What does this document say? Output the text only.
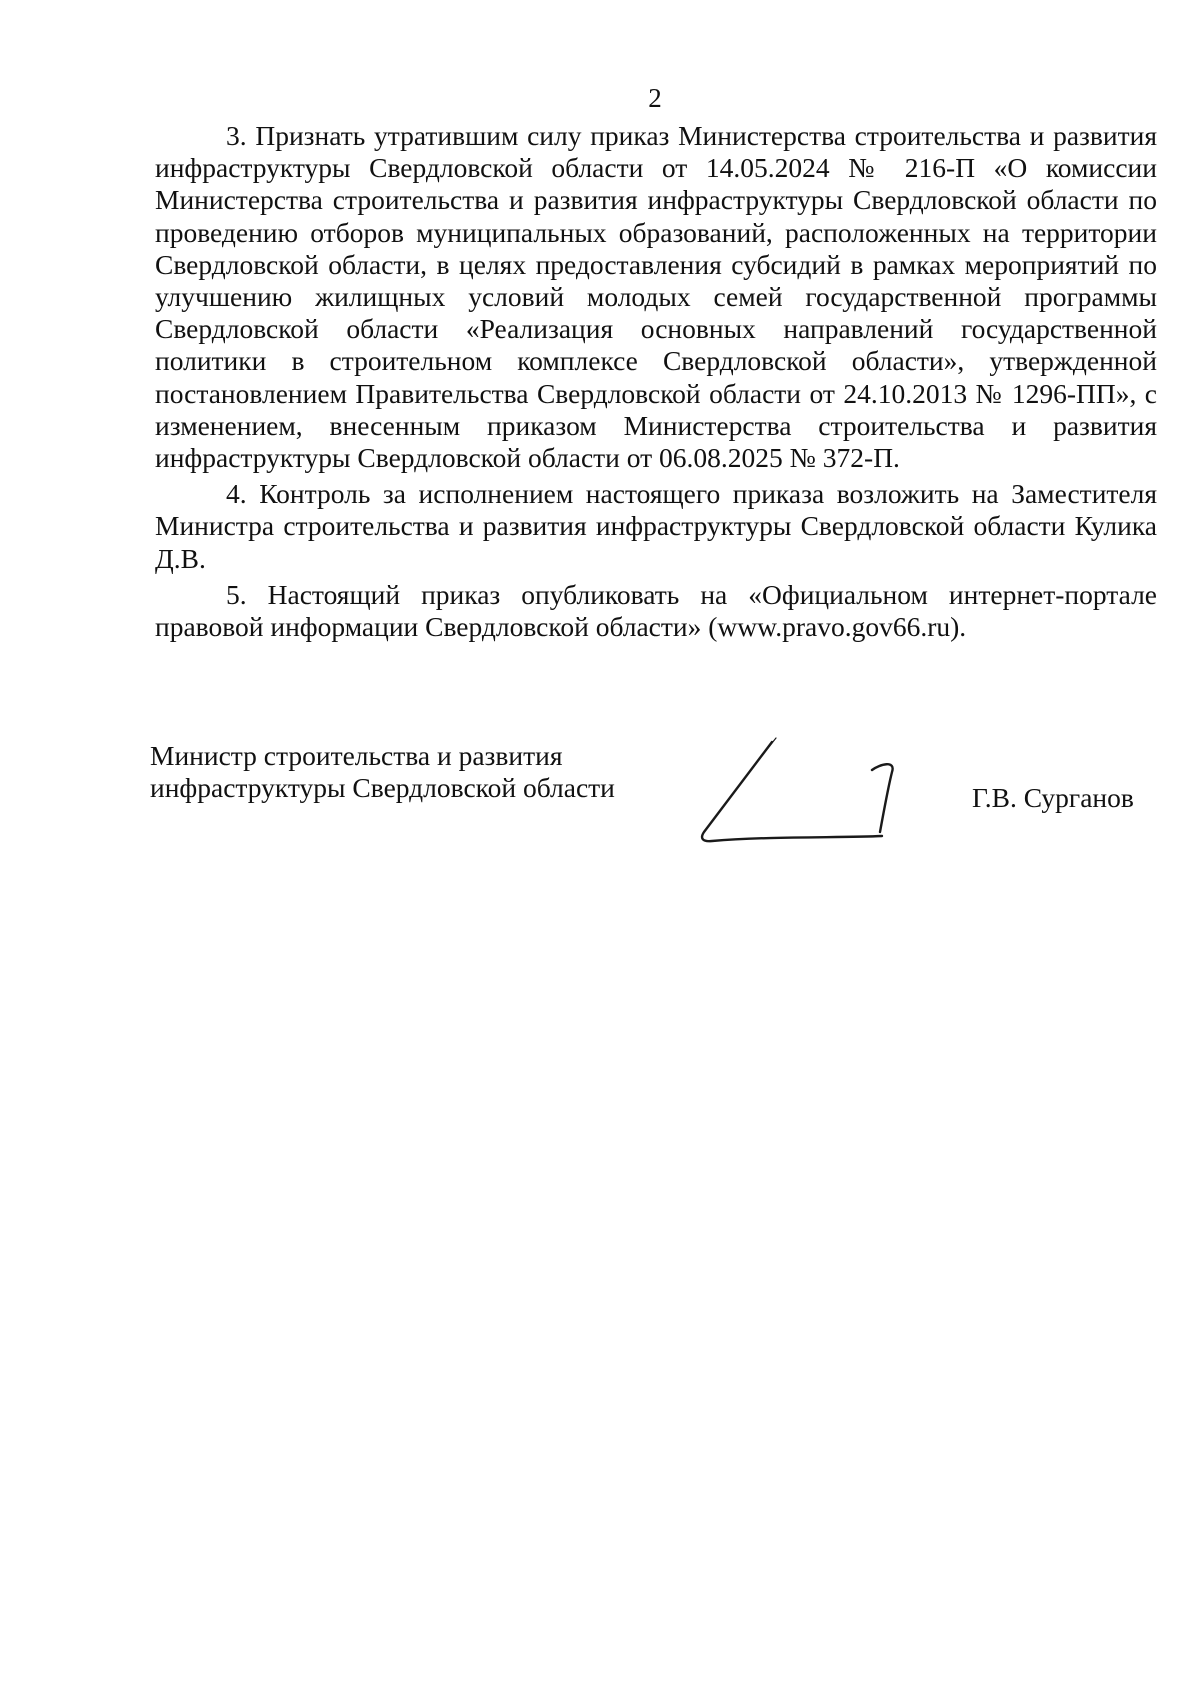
2

3. Признать утратившим силу приказ Министерства строительства и развития инфраструктуры Свердловской области от 14.05.2024 № 216-П «О комиссии Министерства строительства и развития инфраструктуры Свердловской области по проведению отборов муниципальных образований, расположенных на территории Свердловской области, в целях предоставления субсидий в рамках мероприятий по улучшению жилищных условий молодых семей государственной программы Свердловской области «Реализация основных направлений государственной политики в строительном комплексе Свердловской области», утвержденной постановлением Правительства Свердловской области от 24.10.2013 № 1296-ПП», с изменением, внесенным приказом Министерства строительства и развития инфраструктуры Свердловской области от 06.08.2025 № 372-П.

4. Контроль за исполнением настоящего приказа возложить на Заместителя Министра строительства и развития инфраструктуры Свердловской области Кулика Д.В.

5. Настоящий приказ опубликовать на «Официальном интернет-портале правовой информации Свердловской области» (www.pravo.gov66.ru).

Министр строительства и развития
инфраструктуры Свердловской области	Г.В. Сурганов
